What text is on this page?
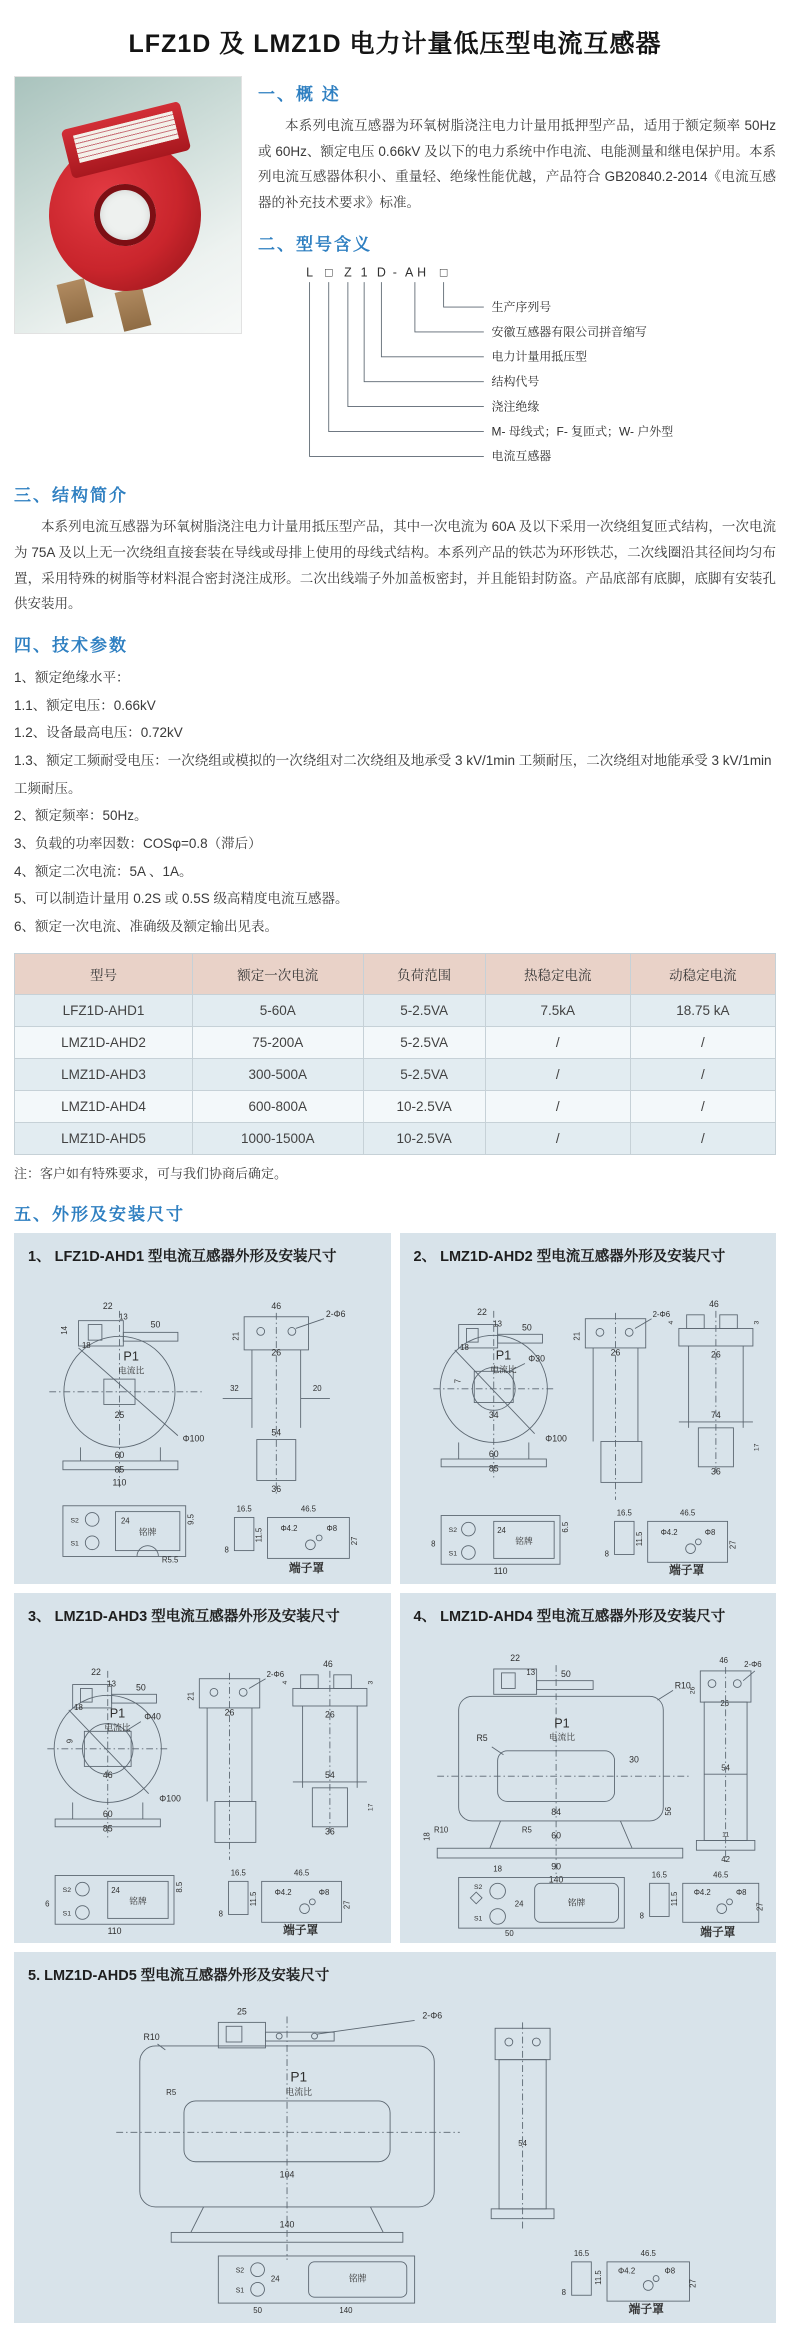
LFZ1D 及 LMZ1D 电力计量低压型电流互感器
一、概 述

本系列电流互感器为环氧树脂浇注电力计量用抵押型产品，适用于额定频率 50Hz 或 60Hz、额定电压 0.66kV 及以下的电力系统中作电流、电能测量和继电保护用。本系列电流互感器体积小、重量轻、绝缘性能优越，产品符合 GB20840.2-2014《电流互感器的补充技术要求》标准。

二、型号含义
L □ Z 1 D - A H □
生产序列号
安徽互感器有限公司拼音缩写
电力计量用抵压型
结构代号
浇注绝缘
M- 母线式；F- 复匝式；W- 户外型
电流互感器
三、结构简介

本系列电流互感器为环氧树脂浇注电力计量用抵压型产品，其中一次电流为 60A 及以下采用一次绕组复匝式结构，一次电流为 75A 及以上无一次绕组直接套装在导线或母排上使用的母线式结构。本系列产品的铁芯为环形铁芯，二次线圈沿其径间均匀布置，采用特殊的树脂等材料混合密封浇注成形。二次出线端子外加盖板密封，并且能铅封防盗。产品底部有底脚，底脚有安装孔供安装用。

四、技术参数
1、额定绝缘水平：
1.1、额定电压：0.66kV
1.2、设备最高电压：0.72kV
1.3、额定工频耐受电压：一次绕组或模拟的一次绕组对二次绕组及地承受 3 kV/1min 工频耐压，二次绕组对地能承受 3 kV/1min 工频耐压。
2、额定频率：50Hz。
3、负载的功率因数：COSφ=0.8（滞后）
4、额定二次电流：5A 、1A。
5、可以制造计量用 0.2S 或 0.5S 级高精度电流互感器。
6、额定一次电流、准确级及额定输出见表。
型号	额定一次电流	负荷范围	热稳定电流	动稳定电流
LFZ1D-AHD1	5-60A	5-2.5VA	7.5kA	18.75 kA
LMZ1D-AHD2	75-200A	5-2.5VA	/	/
LMZ1D-AHD3	300-500A	5-2.5VA	/	/
LMZ1D-AHD4	600-800A	10-2.5VA	/	/
LMZ1D-AHD5	1000-1500A	10-2.5VA	/	/

注：客户如有特殊要求，可与我们协商后确定。

五、外形及安装尺寸
1、 LFZ1D-AHD1 型电流互感器外形及安装尺寸
25
Φ100
22
13
50
14
18
P1
电流比
60
85
110
2-Φ6
46
21
26
32	20
54
36
铭牌
S2
S1
24	9.5
R5.5
16.5
8
46.5
11.5 Φ4.2	Φ8
27
端子罩
2、 LMZ1D-AHD2 型电流互感器外形及安装尺寸
34
7
Φ30
Φ100
22
13 50
18
P1
电流比
60
85
2-Φ6
21
26
46
4	3
26
74
36
17
铭牌
S2
S1
24	6.5
8
110
16.5
8
46.5
11.5 Φ4.2	Φ8
27
端子罩
3、 LMZ1D-AHD3 型电流互感器外形及安装尺寸
46
9
Φ40
Φ100
22
13 50
18 P1
电流比
60
85
2-Φ6
21
26
46
4	3
26
54
36
17
铭牌
S2
S1
24	8.5
6
110
16.5
8
46.5
11.5 Φ4.2	Φ8
27
端子罩
4、 LMZ1D-AHD4 型电流互感器外形及安装尺寸
22
13	50
R10
R5
P1
电流比
30
84
R10	R5
60
90
140
18
56
2-Φ6
46
26
26
54
11
42
铭牌
S2
S1
18
24
50
16.5
8
46.5
11.5 Φ4.2	Φ8
27
端子罩
5. LMZ1D-AHD5 型电流互感器外形及安装尺寸
25	2-Φ6
R10
R5
P1
电流比
104
140
54
铭牌
S2
S1
24
50	140
16.5
8
46.5
11.5 Φ4.2	Φ8
27
端子罩
